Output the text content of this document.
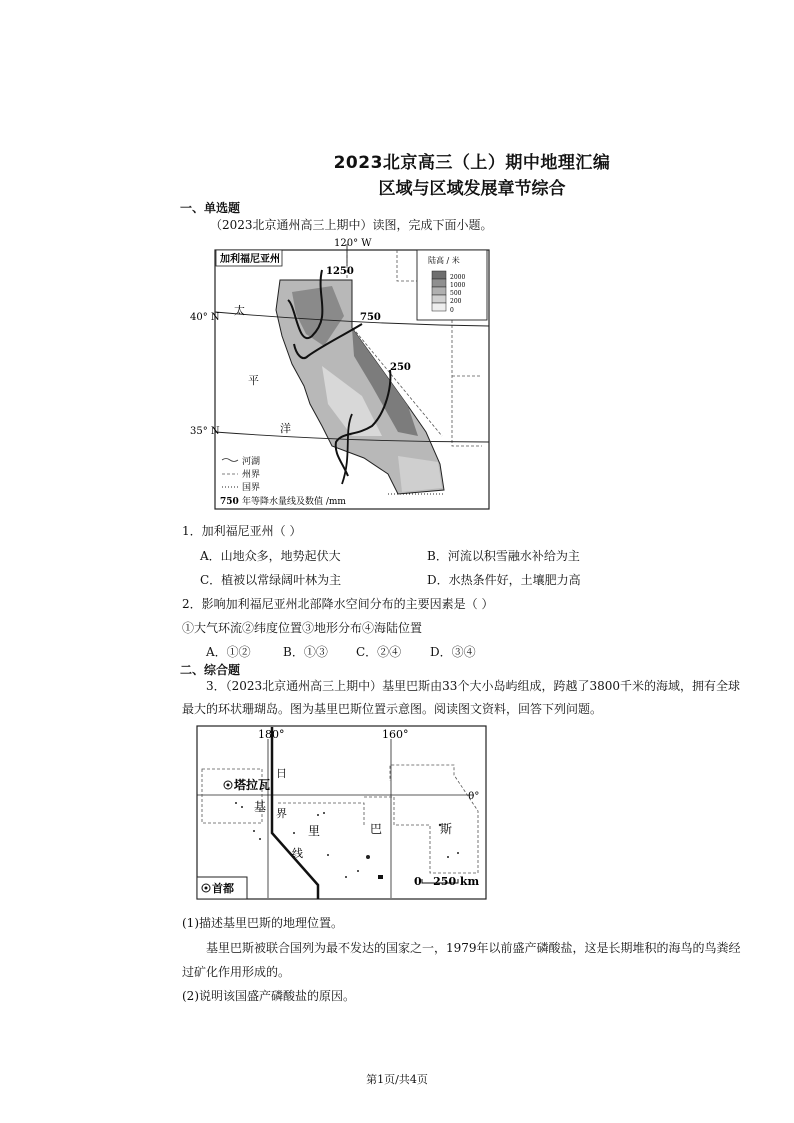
2023北京高三（上）期中地理汇编
区域与区域发展章节综合
一、单选题
（2023北京通州高三上期中）读图，完成下面小题。
加利福尼亚州
120° W
40° N
35° N
太
平
洋
1250
750
250
陆高 / 米
2000
1000
500
200
0
河湖
州界
国界
750 年等降水量线及数值 /mm
1．加利福尼亚州（ ）
A．山地众多，地势起伏大	B．河流以积雪融水补给为主
C．植被以常绿阔叶林为主	D．水热条件好，土壤肥力高
2．影响加利福尼亚州北部降水空间分布的主要因素是（ ）
①大气环流②纬度位置③地形分布④海陆位置
A．①②	B．①③ C．②④ D．③④
二、综合题
3．（2023北京通州高三上期中）基里巴斯由33个大小岛屿组成，跨越了3800千米的海域，拥有全球
最大的环状珊瑚岛。图为基里巴斯位置示意图。阅读图文资料，回答下列问题。
180°	160°
0°
塔拉瓦
日
界
线
基
里	巴	斯
0   250 km
首都
(1)描述基里巴斯的地理位置。
基里巴斯被联合国列为最不发达的国家之一，1979年以前盛产磷酸盐，这是长期堆积的海鸟的鸟粪经
过矿化作用形成的。
(2)说明该国盛产磷酸盐的原因。
第1页/共4页
